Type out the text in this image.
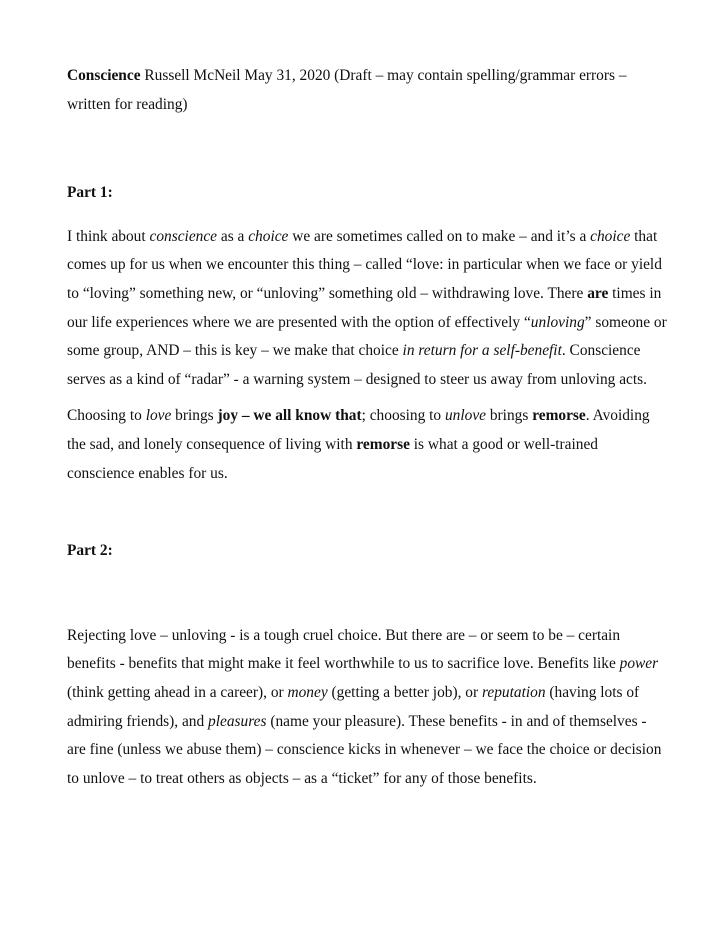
Conscience Russell McNeil May 31, 2020 (Draft – may contain spelling/grammar errors – written for reading)

Part 1:

I think about conscience as a choice we are sometimes called on to make – and it’s a choice that comes up for us when we encounter this thing – called “love: in particular when we face or yield to “loving” something new, or “unloving” something old – withdrawing love. There are times in our life experiences where we are presented with the option of effectively “unloving” someone or some group, AND – this is key – we make that choice in return for a self-benefit. Conscience serves as a kind of “radar” - a warning system – designed to steer us away from unloving acts.

Choosing to love brings joy – we all know that; choosing to unlove brings remorse. Avoiding the sad, and lonely consequence of living with remorse is what a good or well-trained conscience enables for us.

Part 2:

Rejecting love – unloving - is a tough cruel choice. But there are – or seem to be – certain benefits - benefits that might make it feel worthwhile to us to sacrifice love. Benefits like power (think getting ahead in a career), or money (getting a better job), or reputation (having lots of admiring friends), and pleasures (name your pleasure). These benefits - in and of themselves - are fine (unless we abuse them) – conscience kicks in whenever – we face the choice or decision to unlove – to treat others as objects – as a “ticket” for any of those benefits.
